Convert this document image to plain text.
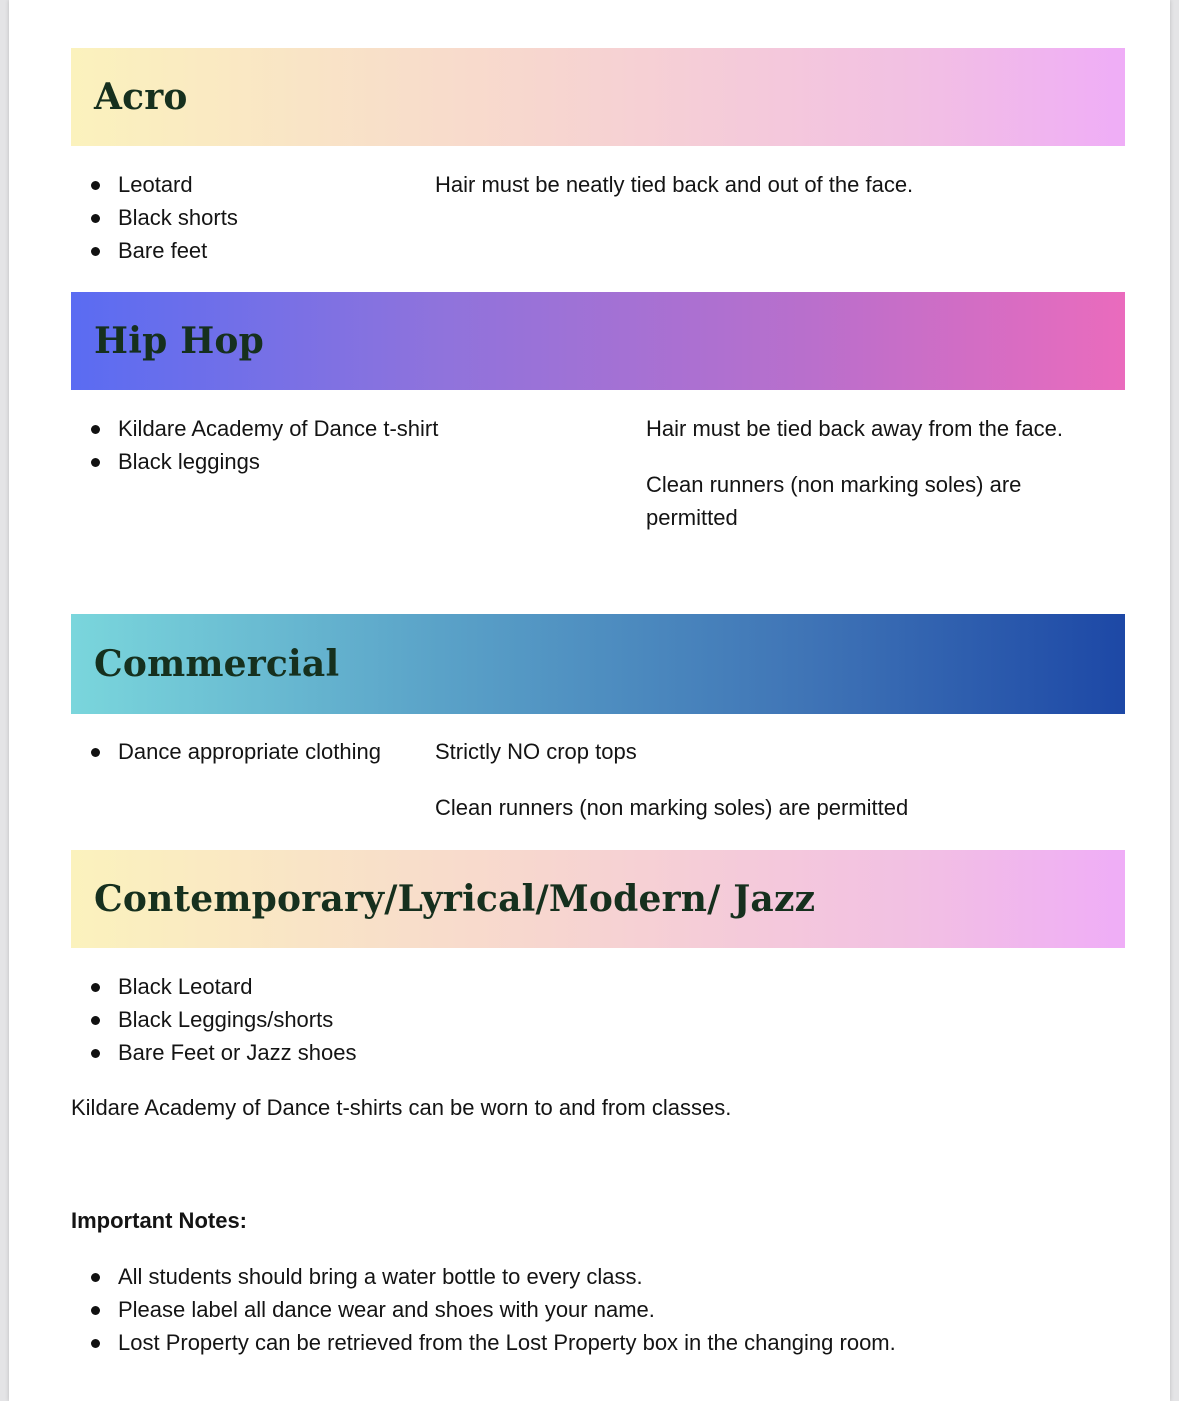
Acro
Leotard
Black shorts
Bare feet

Hair must be neatly tied back and out of the face.

Hip Hop
Kildare Academy of Dance t-shirt
Black leggings

Hair must be tied back away from the face.

Clean runners (non marking soles) are

permitted

Commercial
Dance appropriate clothing Strictly NO crop tops

Clean runners (non marking soles) are permitted

Contemporary/Lyrical/Modern/ Jazz
Black Leotard
Black Leggings/shorts
Bare Feet or Jazz shoes

Kildare Academy of Dance t-shirts can be worn to and from classes.

Important Notes:

All students should bring a water bottle to every class.
Please label all dance wear and shoes with your name.
Lost Property can be retrieved from the Lost Property box in the changing room.
